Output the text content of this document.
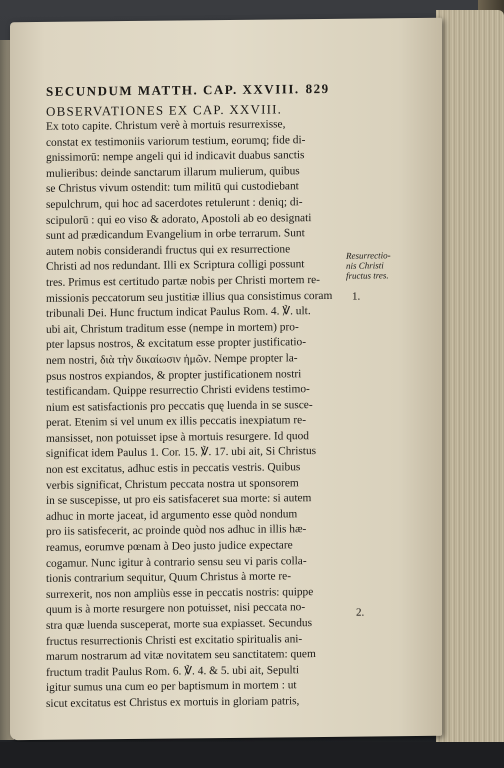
SECUNDUM MATTH. CAP. XXVIII. 829
OBSERVATIONES EX CAP. XXVIII.
Ex toto capite. Christum verè à mortuis resurrexisse,
constat ex testimoniis variorum testium, eorumq; fide di-
gnissimorū: nempe angeli qui id indicavit duabus sanctis
mulieribus: deinde sanctarum illarum mulierum, quibus
se Christus vivum ostendit: tum militū qui custodiebant
sepulchrum, qui hoc ad sacerdotes retulerunt : deniq; di-
scipulorū : qui eo viso & adorato, Apostoli ab eo designati
sunt ad prædicandum Evangelium in orbe terrarum. Sunt
autem nobis considerandi fructus qui ex resurrectione
Christi ad nos redundant. Illi ex Scriptura colligi possunt
tres. Primus est certitudo partæ nobis per Christi mortem re-
missionis peccatorum seu justitiæ illius qua consistimus coram
tribunali Dei. Hunc fructum indicat Paulus Rom. 4. ℣. ult.
ubi ait, Christum traditum esse (nempe in mortem) pro-
pter lapsus nostros, & excitatum esse propter justificatio-
nem nostri, διὰ τὴν δικαίωσιν ἡμῶν. Nempe propter la-
psus nostros expiandos, & propter justificationem nostri
testificandam. Quippe resurrectio Christi evidens testimo-
nium est satisfactionis pro peccatis quę luenda in se susce-
perat. Etenim si vel unum ex illis peccatis inexpiatum re-
mansisset, non potuisset ipse à mortuis resurgere. Id quod
significat idem Paulus 1. Cor. 15. ℣. 17. ubi ait, Si Christus
non est excitatus, adhuc estis in peccatis vestris. Quibus
verbis significat, Christum peccata nostra ut sponsorem
in se suscepisse, ut pro eis satisfaceret sua morte: si autem
adhuc in morte jaceat, id argumento esse quòd nondum
pro iis satisfecerit, ac proinde quòd nos adhuc in illis hæ-
reamus, eorumve pœnam à Deo justo judice expectare
cogamur. Nunc igitur à contrario sensu seu vi paris colla-
tionis contrarium sequitur, Quum Christus à morte re-
surrexerit, nos non ampliùs esse in peccatis nostris: quippe
quum is à morte resurgere non potuisset, nisi peccata no-
stra quæ luenda susceperat, morte sua expiasset. Secundus
fructus resurrectionis Christi est excitatio spiritualis ani-
marum nostrarum ad vitæ novitatem seu sanctitatem: quem
fructum tradit Paulus Rom. 6. ℣. 4. & 5. ubi ait, Sepulti
igitur sumus una cum eo per baptismum in mortem : ut
sicut excitatus est Christus ex mortuis in gloriam patris,
Resurrectio-
nis Christi
fructus tres.
1.
2.
